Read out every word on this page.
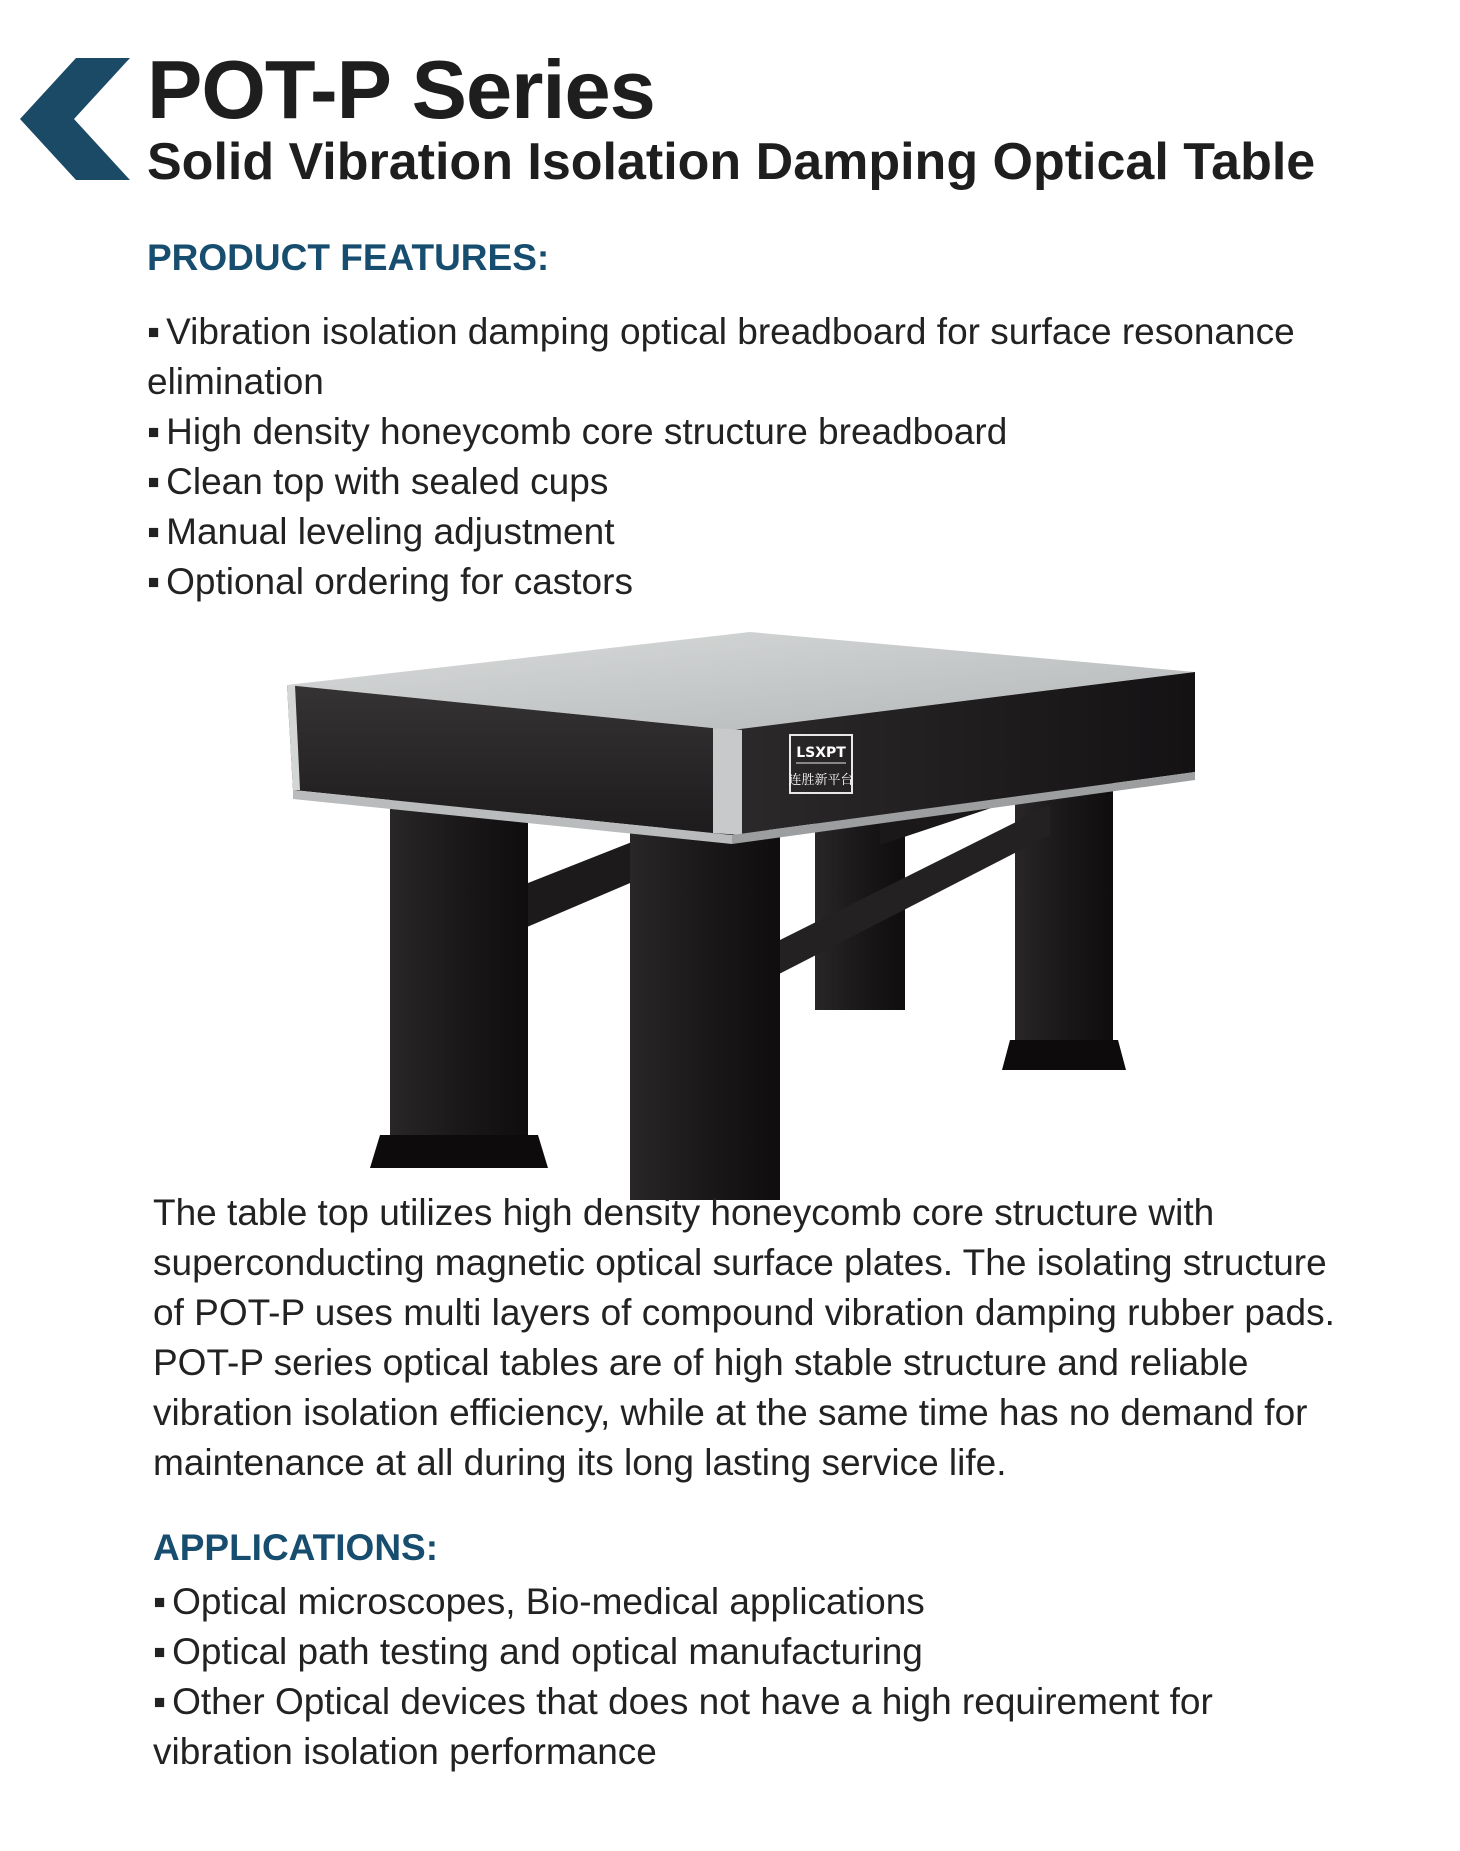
POT-P Series
Solid Vibration Isolation Damping Optical Table
PRODUCT FEATURES:
▪ Vibration isolation damping optical breadboard for surface resonance elimination
▪ High density honeycomb core structure breadboard
▪ Clean top with sealed cups
▪ Manual leveling adjustment
▪ Optional ordering for castors
LSXPT
连胜新平台

The table top utilizes high density honeycomb core structure with superconducting magnetic optical surface plates. The isolating structure of POT-P uses multi layers of compound vibration damping rubber pads. POT-P series optical tables are of high stable structure and reliable vibration isolation efficiency, while at the same time has no demand for maintenance at all during its long lasting service life.

APPLICATIONS:
▪ Optical microscopes, Bio-medical applications
▪ Optical path testing and optical manufacturing
▪ Other Optical devices that does not have a high requirement for vibration isolation performance
